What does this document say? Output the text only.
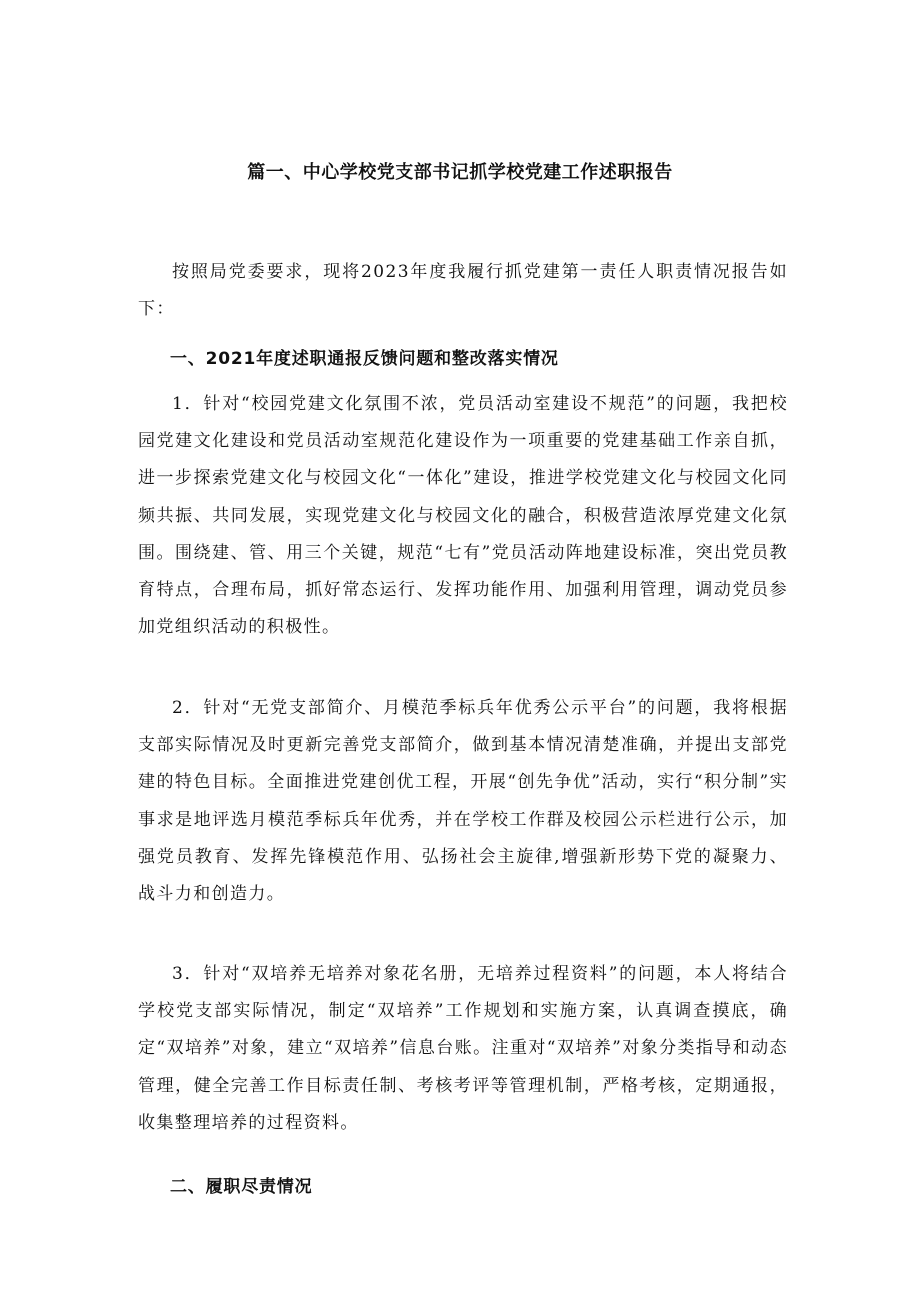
篇一、中心学校党支部书记抓学校党建工作述职报告

按照局党委要求，现将2023年度我履行抓党建第一责任人职责情况报告如下：

一、2021年度述职通报反馈问题和整改落实情况

1．针对“校园党建文化氛围不浓，党员活动室建设不规范”的问题，我把校园党建文化建设和党员活动室规范化建设作为一项重要的党建基础工作亲自抓，进一步探索党建文化与校园文化“一体化”建设，推进学校党建文化与校园文化同频共振、共同发展，实现党建文化与校园文化的融合，积极营造浓厚党建文化氛围。围绕建、管、用三个关键，规范“七有”党员活动阵地建设标准，突出党员教育特点，合理布局，抓好常态运行、发挥功能作用、加强利用管理，调动党员参加党组织活动的积极性。

2．针对“无党支部简介、月模范季标兵年优秀公示平台”的问题，我将根据支部实际情况及时更新完善党支部简介，做到基本情况清楚准确，并提出支部党建的特色目标。全面推进党建创优工程，开展“创先争优”活动，实行“积分制”实事求是地评选月模范季标兵年优秀，并在学校工作群及校园公示栏进行公示，加强党员教育、发挥先锋模范作用、弘扬社会主旋律,增强新形势下党的凝聚力、战斗力和创造力。

3．针对“双培养无培养对象花名册，无培养过程资料”的问题，本人将结合学校党支部实际情况，制定“双培养”工作规划和实施方案，认真调查摸底，确定“双培养”对象，建立“双培养”信息台账。注重对“双培养”对象分类指导和动态管理，健全完善工作目标责任制、考核考评等管理机制，严格考核，定期通报，收集整理培养的过程资料。

二、履职尽责情况
